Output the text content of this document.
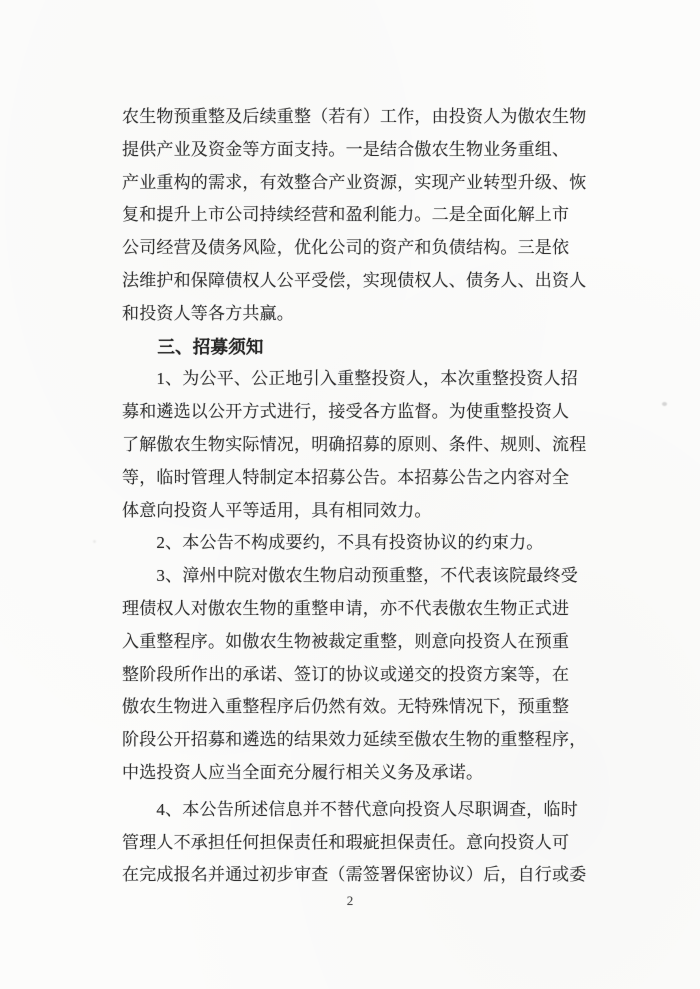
农生物预重整及后续重整（若有）工作，由投资人为傲农生物
提供产业及资金等方面支持。一是结合傲农生物业务重组、
产业重构的需求，有效整合产业资源，实现产业转型升级、恢
复和提升上市公司持续经营和盈利能力。二是全面化解上市
公司经营及债务风险，优化公司的资产和负债结构。三是依
法维护和保障债权人公平受偿，实现债权人、债务人、出资人
和投资人等各方共赢。
　　三、招募须知
　　1、为公平、公正地引入重整投资人，本次重整投资人招
募和遴选以公开方式进行，接受各方监督。为使重整投资人
了解傲农生物实际情况，明确招募的原则、条件、规则、流程
等，临时管理人特制定本招募公告。本招募公告之内容对全
体意向投资人平等适用，具有相同效力。
　　2、本公告不构成要约，不具有投资协议的约束力。
　　3、漳州中院对傲农生物启动预重整，不代表该院最终受
理债权人对傲农生物的重整申请，亦不代表傲农生物正式进
入重整程序。如傲农生物被裁定重整，则意向投资人在预重
整阶段所作出的承诺、签订的协议或递交的投资方案等，在
傲农生物进入重整程序后仍然有效。无特殊情况下，预重整
阶段公开招募和遴选的结果效力延续至傲农生物的重整程序，
中选投资人应当全面充分履行相关义务及承诺。
　　4、本公告所述信息并不替代意向投资人尽职调查，临时
管理人不承担任何担保责任和瑕疵担保责任。意向投资人可
在完成报名并通过初步审查（需签署保密协议）后，自行或委
2
